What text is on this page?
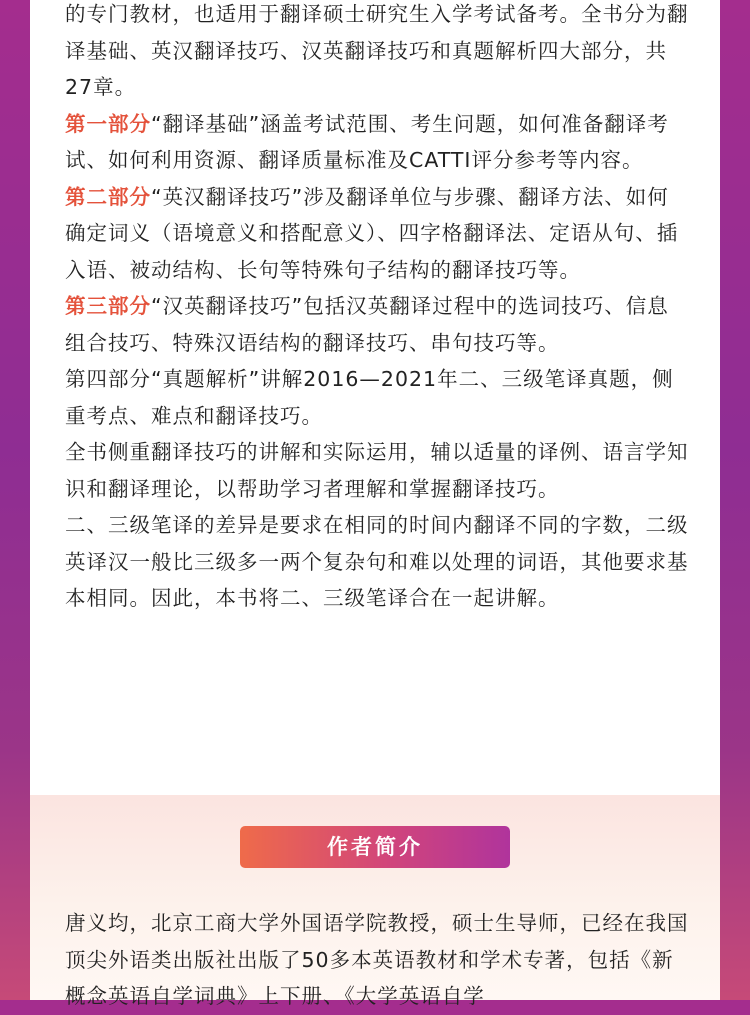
的专门教材，也适用于翻译硕士研究生入学考试备考。全书分为翻译基础、英汉翻译技巧、汉英翻译技巧和真题解析四大部分，共27章。

第一部分“翻译基础”涵盖考试范围、考生问题，如何准备翻译考试、如何利用资源、翻译质量标准及CATTI评分参考等内容。

第二部分“英汉翻译技巧”涉及翻译单位与步骤、翻译方法、如何确定词义（语境意义和搭配意义）、四字格翻译法、定语从句、插入语、被动结构、长句等特殊句子结构的翻译技巧等。

第三部分“汉英翻译技巧”包括汉英翻译过程中的选词技巧、信息组合技巧、特殊汉语结构的翻译技巧、串句技巧等。

第四部分“真题解析”讲解2016—2021年二、三级笔译真题，侧重考点、难点和翻译技巧。

全书侧重翻译技巧的讲解和实际运用，辅以适量的译例、语言学知识和翻译理论，以帮助学习者理解和掌握翻译技巧。

二、三级笔译的差异是要求在相同的时间内翻译不同的字数，二级英译汉一般比三级多一两个复杂句和难以处理的词语，其他要求基本相同。因此，本书将二、三级笔译合在一起讲解。

作者简介

唐义均，北京工商大学外国语学院教授，硕士生导师，已经在我国顶尖外语类出版社出版了50多本英语教材和学术专著，包括《新概念英语自学词典》上下册、《大学英语自学
